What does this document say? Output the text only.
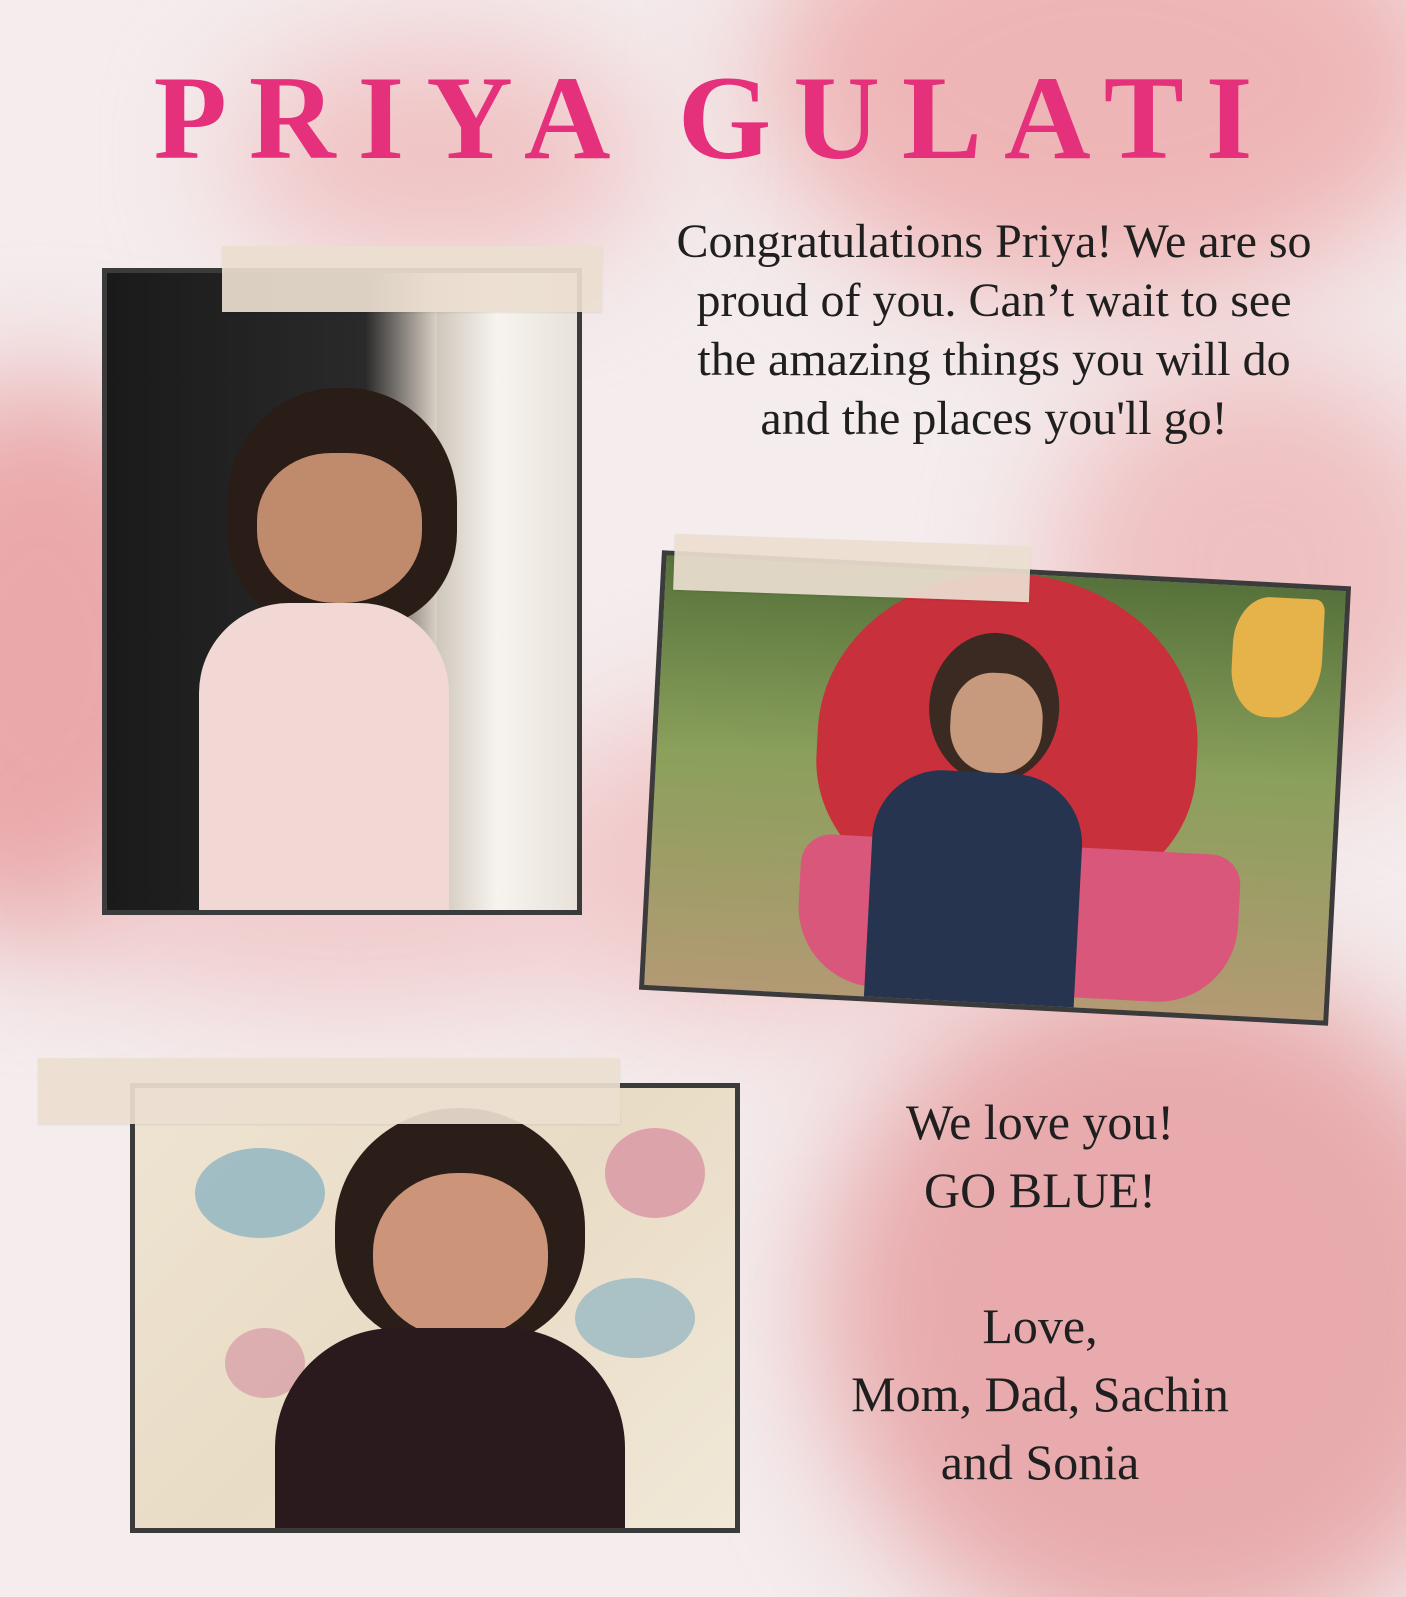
PRIYA GULATI

Congratulations Priya! We are so proud of you. Can’t wait to see the amazing things you will do and the places you'll go!

We love you!
GO BLUE!
Love,
Mom, Dad, Sachin
and Sonia
